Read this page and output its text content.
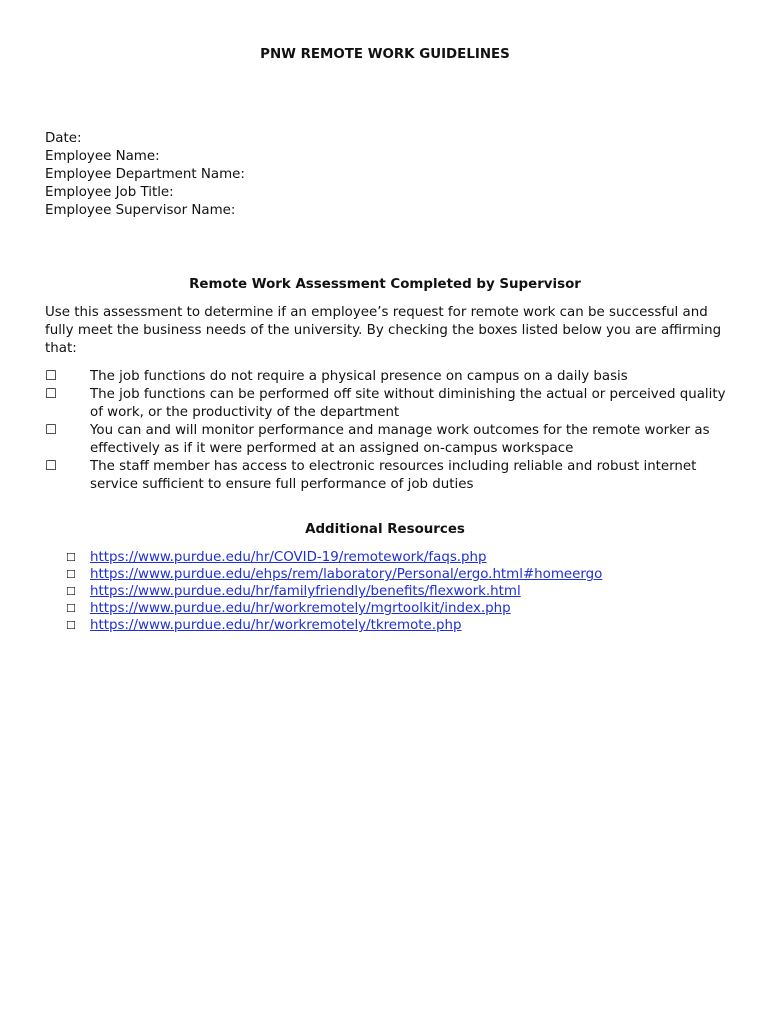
PNW REMOTE WORK GUIDELINES
Date:
Employee Name:
Employee Department Name:
Employee Job Title:
Employee Supervisor Name:
Remote Work Assessment Completed by Supervisor

Use this assessment to determine if an employee’s request for remote work can be successful and fully meet the business needs of the university. By checking the boxes listed below you are affirming that:

☐	The job functions do not require a physical presence on campus on a daily basis
☐	The job functions can be performed off site without diminishing the actual or perceived quality of work, or the productivity of the department
☐	You can and will monitor performance and manage work outcomes for the remote worker as effectively as if it were performed at an assigned on-campus workspace
☐	The staff member has access to electronic resources including reliable and robust internet service sufficient to ensure full performance of job duties
Additional Resources
☐	https://www.purdue.edu/hr/COVID-19/remotework/faqs.php
☐	https://www.purdue.edu/ehps/rem/laboratory/Personal/ergo.html#homeergo
☐	https://www.purdue.edu/hr/familyfriendly/benefits/flexwork.html
☐	https://www.purdue.edu/hr/workremotely/mgrtoolkit/index.php
☐	https://www.purdue.edu/hr/workremotely/tkremote.php
